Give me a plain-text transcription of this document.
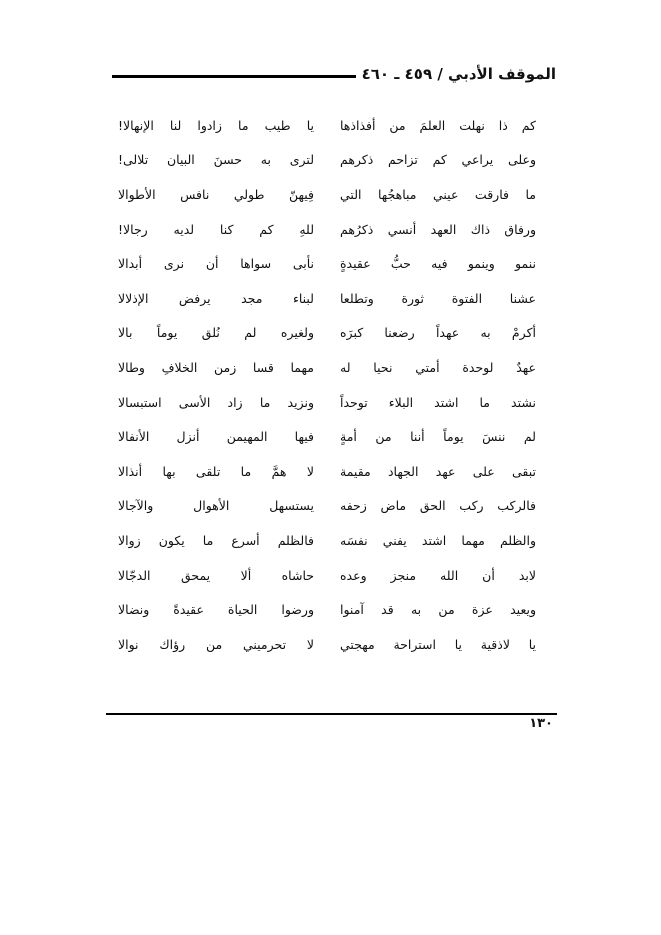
الموقف الأدبي / ٤٥٩ ـ ٤٦٠
كم ذا نهلت العلمَ من أفذاذها
يا طيب ما زادوا لنا الإنهالا!
وعلى يراعي كم تزاحم ذكرهم
لترى به حسنَ البيان تلالى!
ما فارقت عيني مباهجُها التي
فِيهنّ طولي نافس الأطوالا
ورفاق ذاك العهد أنسي ذكرُهم
للهِ كم كنا لديه رجالا!
ننمو وينمو فيه حبُّ عقيدةٍ
نأبى سواها أن نرى أبدالا
عشنا الفتوة ثورة وتطلعا
لبناء مجد يرفض الإذلالا
أكرمْ به عهداً رضعنا كبرَه
ولغيره لم نُلق يوماً بالا
عهدٌ لوحدة أمتي نحيا له
مهما قسا زمن الخلافِ وطالا
نشتد ما اشتد البلاء توحداً
ونزيد ما زاد الأسى استبسالا
لم ننسَ يوماً أننا من أمةٍ
فيها المهيمن أنزل الأنفالا
تبقى على عهد الجهاد مقيمة
لا همَّ ما تلقى بها أنذالا
فالركب ركب الحق ماض زحفه
يستسهل الأهوال والآجالا
والظلم مهما اشتد يفني نفسَه
فالظلم أسرع ما يكون زوالا
لابد أن الله منجز وعده
حاشاه ألا يمحق الدجّالا
ويعيد عزة من به قد آمنوا
ورضوا الحياة عقيدةً ونضالا
يا لاذقية يا استراحة مهجتي
لا تحرميني من رؤاك نوالا
١٣٠
